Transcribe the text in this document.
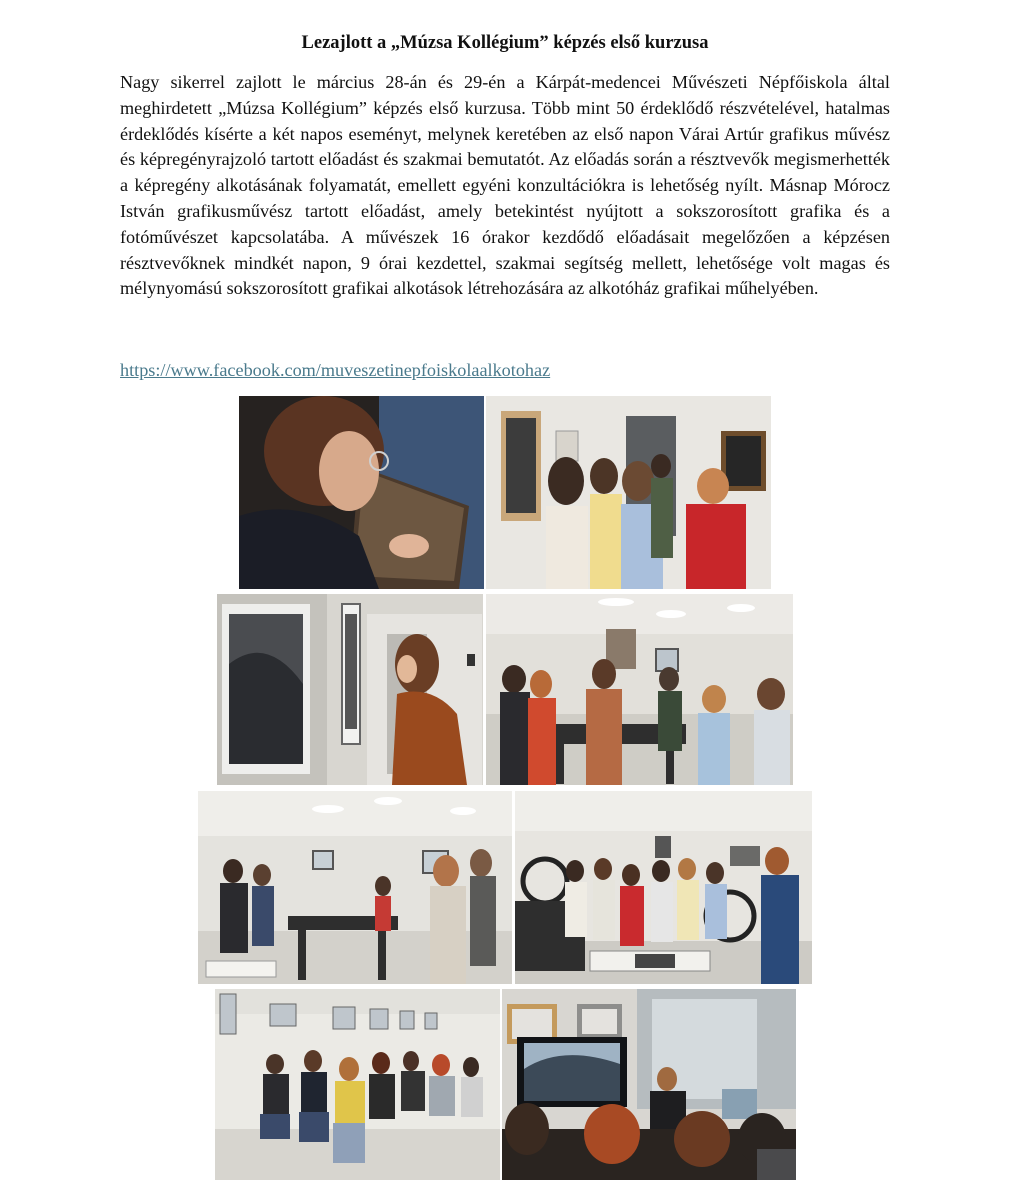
Lezajlott a „Múzsa Kollégium” képzés első kurzusa

Nagy sikerrel zajlott le március 28-án és 29-én a Kárpát-medencei Művészeti Népfőiskola által meghirdetett „Múzsa Kollégium” képzés első kurzusa. Több mint 50 érdeklődő részvételével, hatalmas érdeklődés kísérte a két napos eseményt, melynek keretében az első napon Várai Artúr grafikus művész és képregényrajzoló tartott előadást és szakmai bemutatót. Az előadás során a résztvevők megismerhették a képregény alkotásának folyamatát, emellett egyéni konzultációkra is lehetőség nyílt. Másnap Mórocz István grafikusművész tartott előadást, amely betekintést nyújtott a sokszorosított grafika és a fotóművészet kapcsolatába. A művészek 16 órakor kezdődő előadásait megelőzően a képzésen résztvevőknek mindkét napon, 9 órai kezdettel, szakmai segítség mellett, lehetősége volt magas és mélynyomású sokszorosított grafikai alkotások létrehozására az alkotóház grafikai műhelyében.

https://www.facebook.com/muveszetinepfoiskolaalkotohaz
